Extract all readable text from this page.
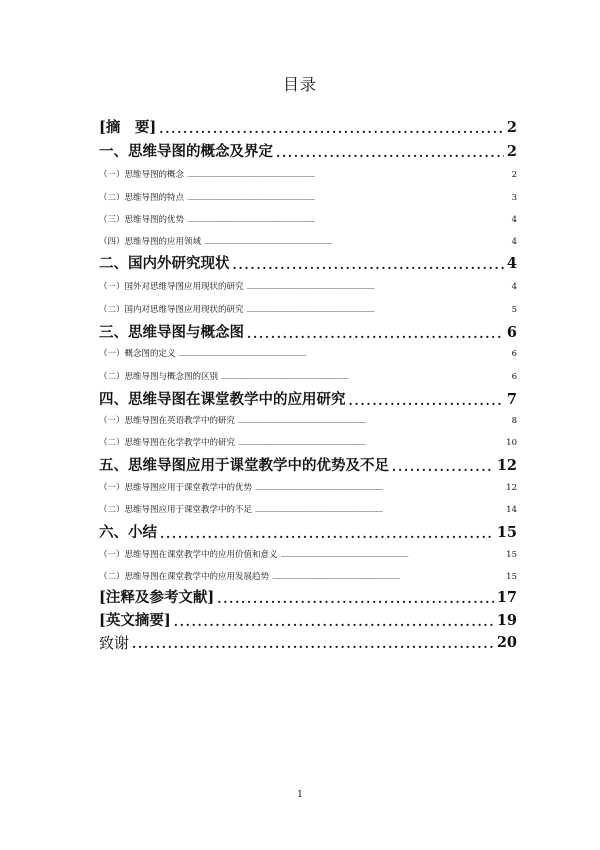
目录
[摘　要] . . .	2
一、思维导图的概念及界定 . . .	2
（一）思维导图的概念 . . .	2
（二）思维导图的特点 . . .	3
（三）思维导图的优势 . . .	4
（四）思维导图的应用领域 . . .	4
二、国内外研究现状 . . .	4
（一）国外对思维导图应用现状的研究 . . .	4
（二）国内对思维导图应用现状的研究 . . .	5
三、思维导图与概念图 . . .	6
（一）概念图的定义 . . .	6
（二）思维导图与概念图的区别 . . .	6
四、思维导图在课堂教学中的应用研究 . . .	7
（一）思维导图在英语教学中的研究 . . .	8
（二）思维导图在化学教学中的研究 . . .	10
五、思维导图应用于课堂教学中的优势及不足 . . .	12
（一）思维导图应用于课堂教学中的优势 . . .	12
（二）思维导图应用于课堂教学中的不足 . . .	14
六、小结 . . .	15
（一）思维导图在课堂教学中的应用价值和意义 . . .	15
（二）思维导图在课堂教学中的应用发展趋势 . . .	15
[注释及参考文献] . . .	17
[英文摘要] . . .	19
致谢 . . .	20
1
